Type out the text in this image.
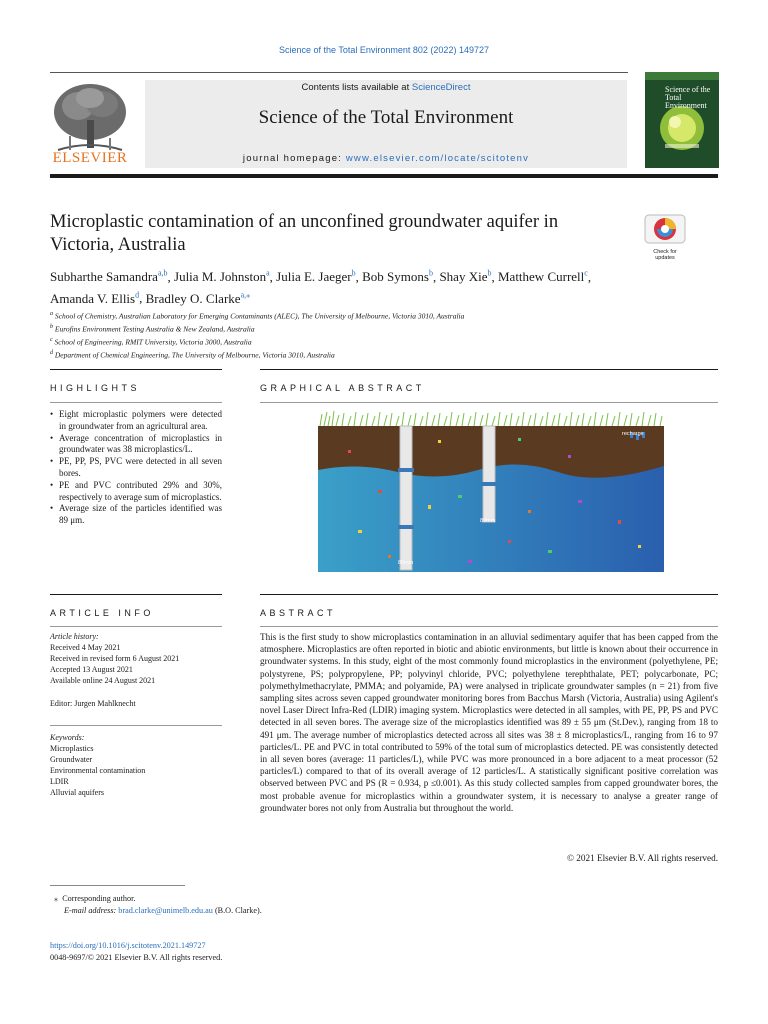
Science of the Total Environment 802 (2022) 149727
ELSEVIER
Contents lists available at ScienceDirect
Science of the Total Environment
journal homepage: www.elsevier.com/locate/scitotenv
Science of the
Total Environment
Microplastic contamination of an unconfined groundwater aquifer in Victoria, Australia	Check for updates
Subharthe Samandra$^{a,b}$, Julia M. Johnston$^a$, Julia E. Jaeger$^b$, Bob Symons$^b$, Shay Xie$^b$, Matthew Currell$^c$,
Amanda V. Ellis$^d$, Bradley O. Clarke$^{a,⁎}$
$^a$ School of Chemistry, Australian Laboratory for Emerging Contaminants (ALEC), The University of Melbourne, Victoria 3010, Australia
$^b$ Eurofins Environment Testing Australia & New Zealand, Australia
$^c$ School of Engineering, RMIT University, Victoria 3000, Australia
$^d$ Department of Chemical Engineering, The University of Melbourne, Victoria 3010, Australia
HIGHLIGHTS
• Eight microplastic polymers were detected in groundwater from an agricultural area.
• Average concentration of microplastics in groundwater was 38 microplastics/L.
• PE, PP, PS, PVC were detected in all seven bores.
• PE and PVC contributed 29% and 30%, respectively to average sum of microplastics.
• Average size of the particles identified was 89 μm.
GRAPHICAL ABSTRACT
recharge
80mm
80mm
ARTICLE INFO
Article history:
Received 4 May 2021
Received in revised form 6 August 2021
Accepted 13 August 2021
Available online 24 August 2021
Editor: Jurgen Mahlknecht
Keywords:
Microplastics
Groundwater
Environmental contamination
LDIR
Alluvial aquifers
ABSTRACT
This is the first study to show microplastics contamination in an alluvial sedimentary aquifer that has been capped from the atmosphere. Microplastics are often reported in biotic and abiotic environments, but little is known about their occurrence in groundwater systems. In this study, eight of the most commonly found microplastics in the environment (polyethylene, PE; polystyrene, PS; polypropylene, PP; polyvinyl chloride, PVC; polyethylene terephthalate, PET; polycarbonate, PC; polymethylmethacrylate, PMMA; and polyamide, PA) were analysed in triplicate groundwater samples (n = 21) from five sampling sites across seven capped groundwater monitoring bores from Bacchus Marsh (Victoria, Australia) using Agilent's novel Laser Direct Infra-Red (LDIR) imaging system. Microplastics were detected in all samples, with PE, PP, PS and PVC detected in all seven bores. The average size of the microplastics identified was 89 ± 55 μm (St.Dev.), ranging from 18 to 491 μm. The average number of microplastics detected across all sites was 38 ± 8 microplastics/L, ranging from 16 to 97 particles/L. PE and PVC in total contributed to 59% of the total sum of microplastics detected. PE was consistently detected in all seven bores (average: 11 particles/L), while PVC was more pronounced in a bore adjacent to a meat processor (52 particles/L) compared to that of its overall average of 12 particles/L. A statistically significant positive correlation was observed between PVC and PS (R = 0.934, p ≤0.001). As this study collected samples from capped groundwater bores, the most probable avenue for microplastics within a groundwater system, it is necessary to analyse a greater range of groundwater bores not only from Australia but throughout the world.
© 2021 Elsevier B.V. All rights reserved.
⁎ Corresponding author.
E-mail address: brad.clarke@unimelb.edu.au (B.O. Clarke).
https://doi.org/10.1016/j.scitotenv.2021.149727
0048-9697/© 2021 Elsevier B.V. All rights reserved.
